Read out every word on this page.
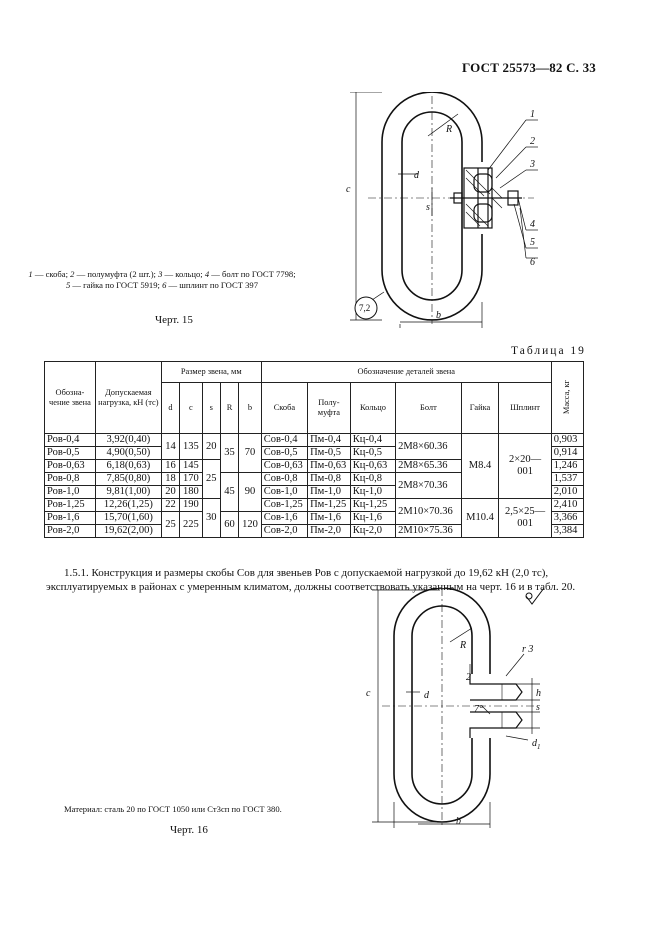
ГОСТ 25573—82 С. 33
c
d
s
R
b
1
2
3
4
5
6
7,2
1 — скоба; 2 — полумуфта (2 шт.); 3 — кольцо; 4 — болт по ГОСТ 7798; 5 — гайка по ГОСТ 5919; 6 — шплинт по ГОСТ 397
Черт. 15
Таблица 19
Обозна-чение звена	Допускаемая нагрузка, кН (тс)	Размер звена, мм					Обозначение деталей звена						Масса, кг

		d	c	s	R	b	Скоба	Полу-муфта	Кольцо	Болт	Гайка	Шплинт	
Ров-0,4	3,92(0,40)	14	135	20	35	70	Сов-0,4	Пм-0,4	Кц-0,4	2М8×60.36	М8.4	2×20—001	0,903
Ров-0,5	4,90(0,50)						Сов-0,5	Пм-0,5	Кц-0,5				0,914
Ров-0,63	6,18(0,63)	16	145	25			Сов-0,63	Пм-0,63	Кц-0,63	2М8×65.36			1,246
Ров-0,8	7,85(0,80)	18	170		45	90	Сов-0,8	Пм-0,8	Кц-0,8	2М8×70.36			1,537
Ров-1,0	9,81(1,00)	20	180				Сов-1,0	Пм-1,0	Кц-1,0				2,010
Ров-1,25	12,26(1,25)	22	190	30			Сов-1,25	Пм-1,25	Кц-1,25	2М10×70.36	М10.4	2,5×25—001	2,410
Ров-1,6	15,70(1,60)	25	225		60	120	Сов-1,6	Пм-1,6	Кц-1,6				3,366
Ров-2,0	19,62(2,00)						Сов-2,0	Пм-2,0	Кц-2,0	2М10×75.36			3,384
1.5.1. Конструкция и размеры скобы Сов для звеньев Ров с допускаемой нагрузкой до 19,62 кН (2,0 тс), эксплуатируемых в районах с умеренным климатом, должны соответствовать указанным на черт. 16 и в табл. 20.
c	d
R	r 3
h
s
$d_1$
b
7°
2
Материал: сталь 20 по ГОСТ 1050 или Ст3сп по ГОСТ 380.
Черт. 16
